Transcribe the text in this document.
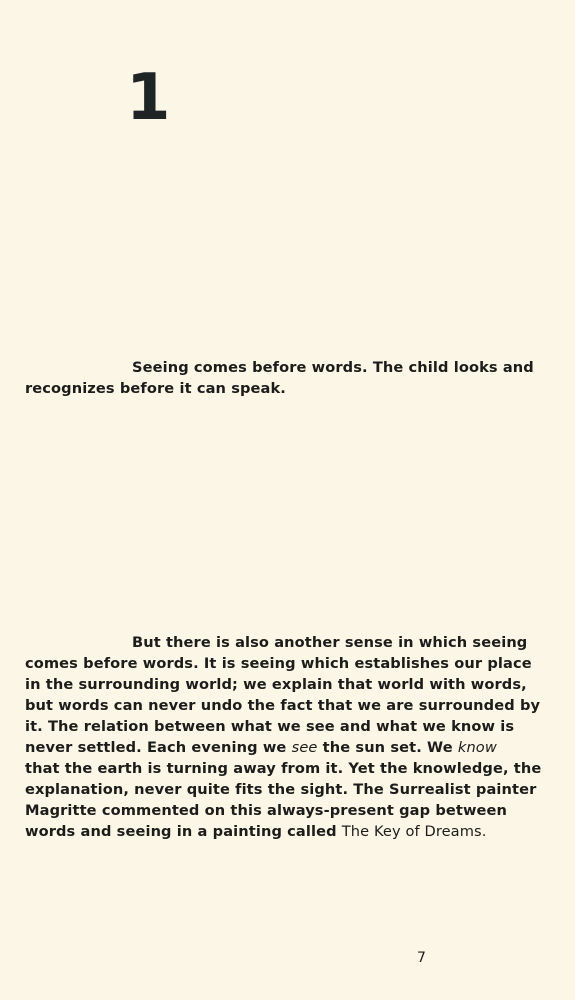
1

Seeing comes before words. The child looks and
recognizes before it can speak.

But there is also another sense in which seeing
comes before words. It is seeing which establishes our place
in the surrounding world; we explain that world with words,
but words can never undo the fact that we are surrounded by
it. The relation between what we see and what we know is
never settled. Each evening we see the sun set. We know
that the earth is turning away from it. Yet the knowledge, the
explanation, never quite fits the sight. The Surrealist painter
Magritte commented on this always-present gap between
words and seeing in a painting called The Key of Dreams.

7
